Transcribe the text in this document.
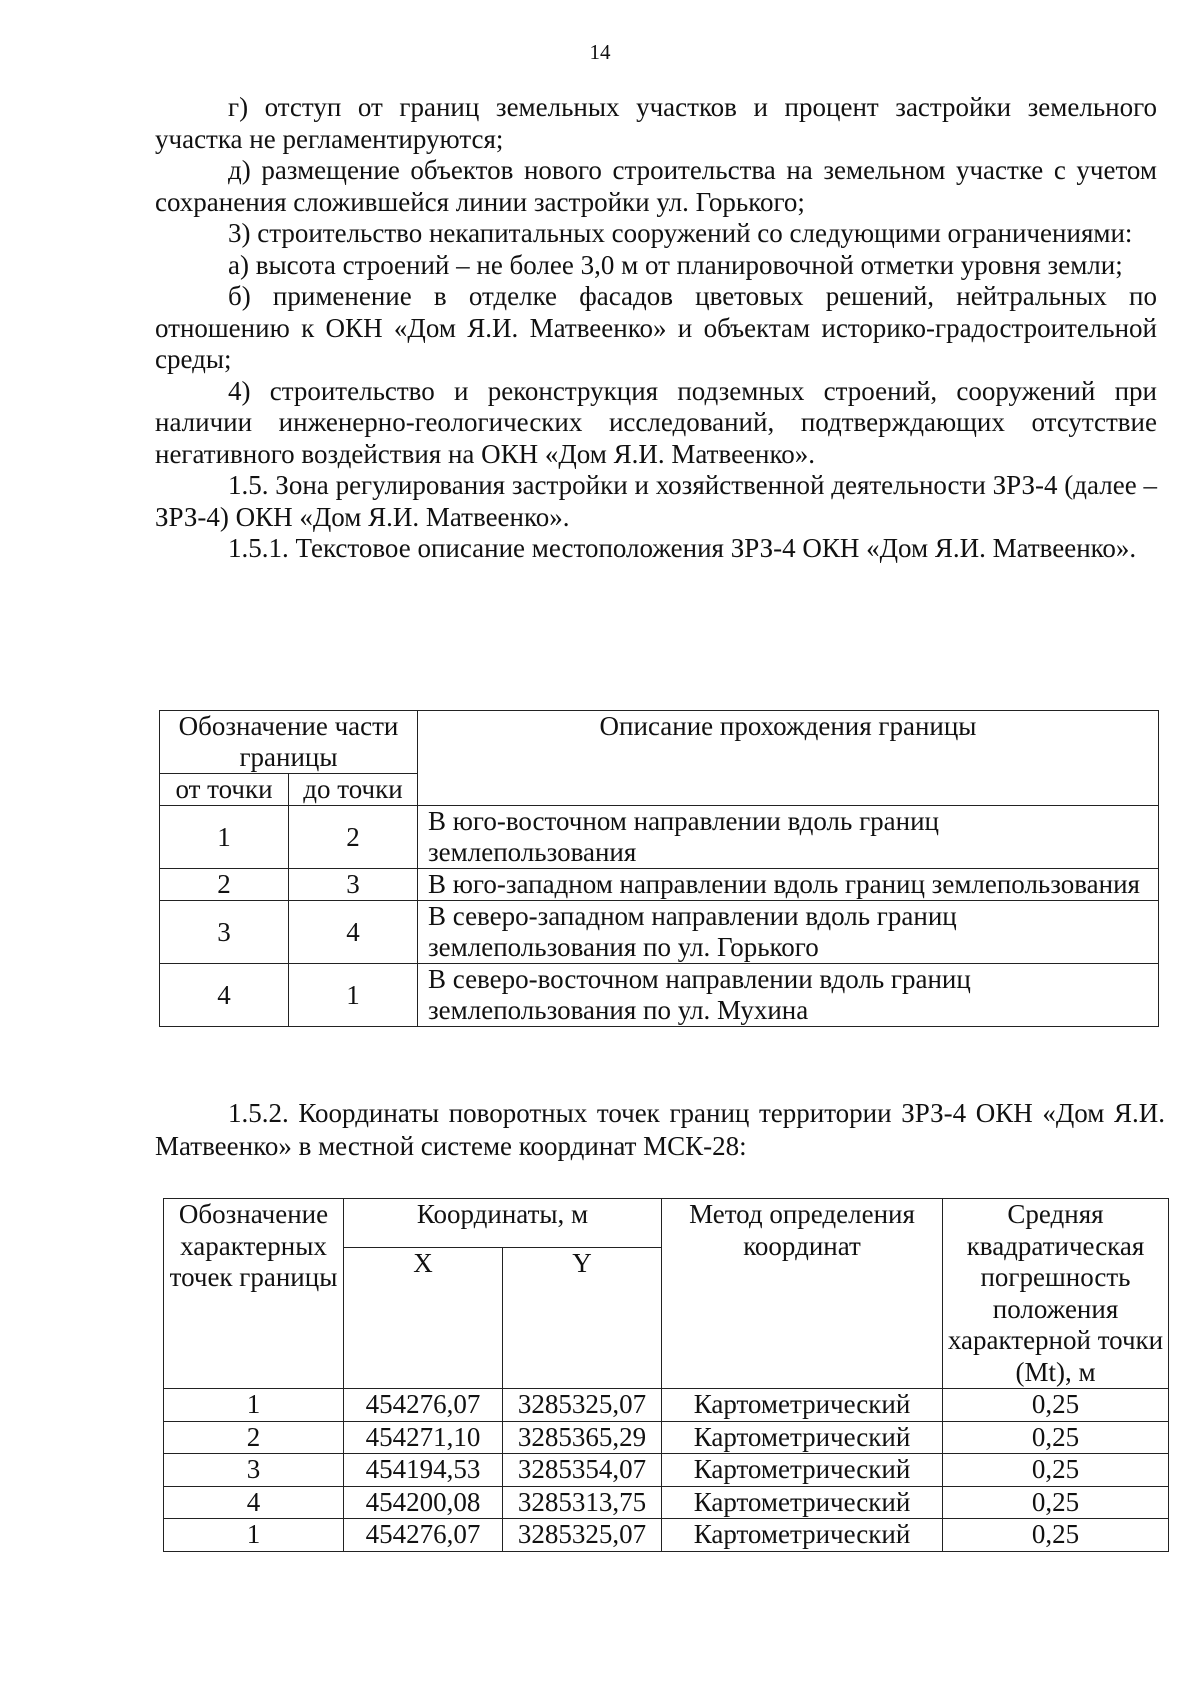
14

г) отступ от границ земельных участков и процент застройки земельного участка не регламентируются;

д) размещение объектов нового строительства на земельном участке с учетом сохранения сложившейся линии застройки ул. Горького;

3) строительство некапитальных сооружений со следующими ограничениями:

а) высота строений – не более 3,0 м от планировочной отметки уровня земли;

б) применение в отделке фасадов цветовых решений, нейтральных по отношению к ОКН «Дом Я.И. Матвеенко» и объектам историко-градостроительной среды;

4) строительство и реконструкция подземных строений, сооружений при наличии инженерно-геологических исследований, подтверждающих отсутствие негативного воздействия на ОКН «Дом Я.И. Матвеенко».

1.5. Зона регулирования застройки и хозяйственной деятельности ЗРЗ-4 (далее – ЗРЗ-4) ОКН «Дом Я.И. Матвеенко».

1.5.1. Текстовое описание местоположения ЗРЗ-4 ОКН «Дом Я.И. Матвеенко».

Обозначение части границы		Описание прохождения границы
от точки	до точки	
1	2	В юго-восточном направлении вдоль границ землепользования
2	3	В юго-западном направлении вдоль границ землепользования
3	4	В северо-западном направлении вдоль границ землепользования по ул. Горького
4	1	В северо-восточном направлении вдоль границ землепользования по ул. Мухина

1.5.2. Координаты поворотных точек границ территории ЗРЗ-4 ОКН «Дом Я.И. Матвеенко» в местной системе координат МСК-28:

Обозначение характерных точек границы	Координаты, м		Метод определения координат	Средняя квадратическая погрешность положения характерной точки (Mt), м
	X	Y		
1	454276,07	3285325,07	Картометрический	0,25
2	454271,10	3285365,29	Картометрический	0,25
3	454194,53	3285354,07	Картометрический	0,25
4	454200,08	3285313,75	Картометрический	0,25
1	454276,07	3285325,07	Картометрический	0,25
